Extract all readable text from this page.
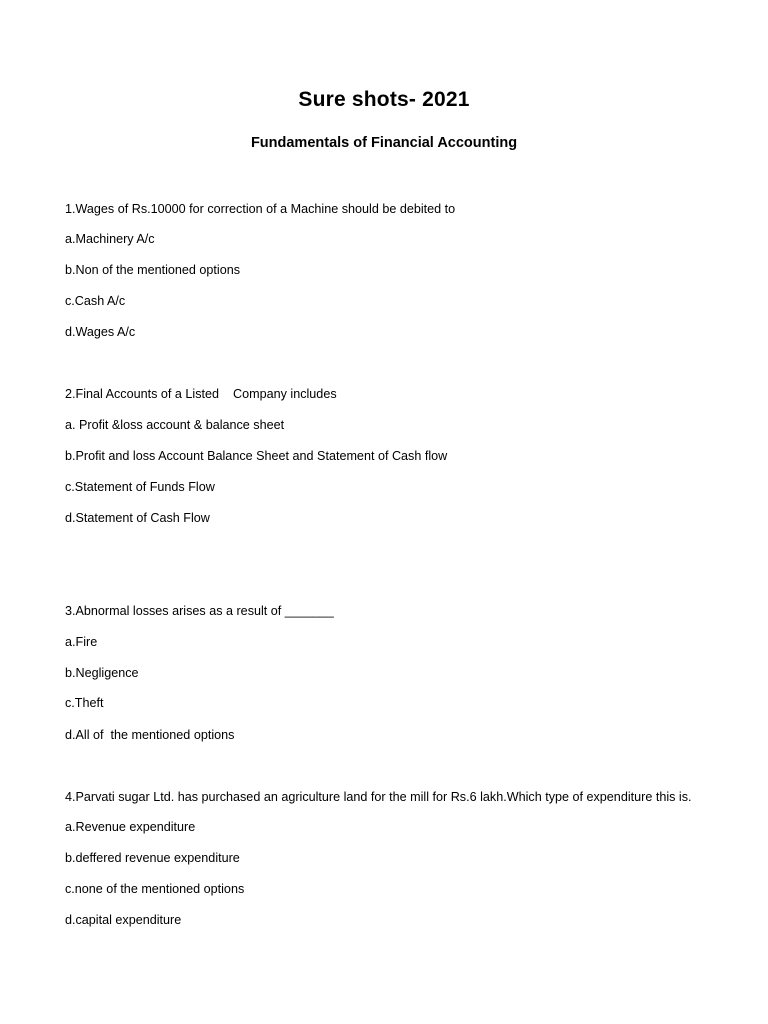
Sure shots- 2021
Fundamentals of Financial Accounting
1.Wages of Rs.10000 for correction of a Machine should be debited to
a.Machinery A/c
b.Non of the mentioned options
c.Cash A/c
d.Wages A/c
2.Final Accounts of a Listed    Company includes
a. Profit &loss account & balance sheet
b.Profit and loss Account Balance Sheet and Statement of Cash flow
c.Statement of Funds Flow
d.Statement of Cash Flow
3.Abnormal losses arises as a result of _______
a.Fire
b.Negligence
c.Theft
d.All of  the mentioned options
4.Parvati sugar Ltd. has purchased an agriculture land for the mill for Rs.6 lakh.Which type of expenditure this is.
a.Revenue expenditure
b.deffered revenue expenditure
c.none of the mentioned options
d.capital expenditure
